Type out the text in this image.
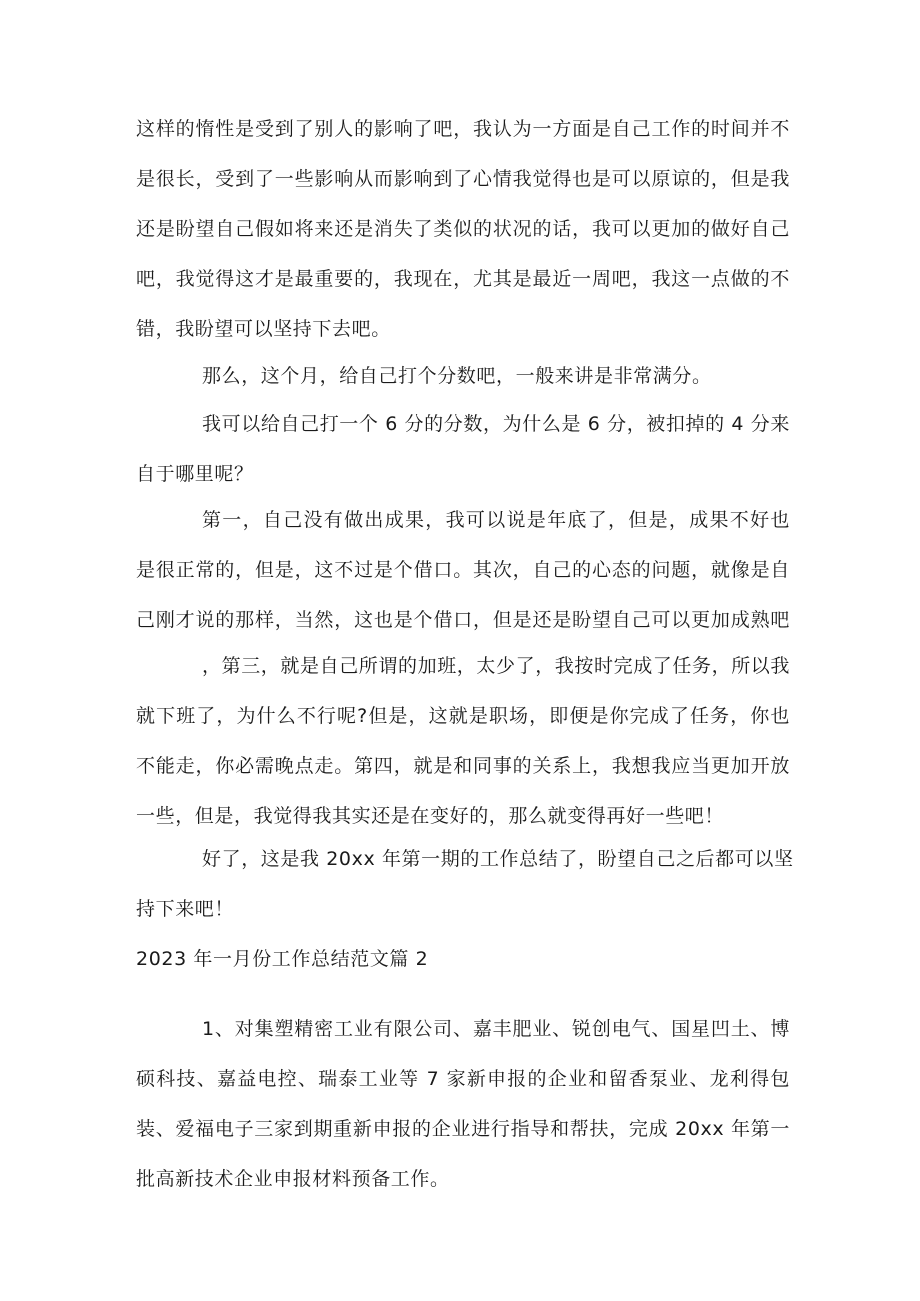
这样的惰性是受到了别人的影响了吧，我认为一方面是自己工作的时间并不
是很长，受到了一些影响从而影响到了心情我觉得也是可以原谅的，但是我
还是盼望自己假如将来还是消失了类似的状况的话，我可以更加的做好自己
吧，我觉得这才是最重要的，我现在，尤其是最近一周吧，我这一点做的不
错，我盼望可以坚持下去吧。
那么，这个月，给自己打个分数吧，一般来讲是非常满分。
我可以给自己打一个 6 分的分数，为什么是 6 分，被扣掉的 4 分来
自于哪里呢？
第一，自己没有做出成果，我可以说是年底了，但是，成果不好也
是很正常的，但是，这不过是个借口。其次，自己的心态的问题，就像是自
己刚才说的那样，当然，这也是个借口，但是还是盼望自己可以更加成熟吧
，第三，就是自己所谓的加班，太少了，我按时完成了任务，所以我
就下班了，为什么不行呢?但是，这就是职场，即便是你完成了任务，你也
不能走，你必需晚点走。第四，就是和同事的关系上，我想我应当更加开放
一些，但是，我觉得我其实还是在变好的，那么就变得再好一些吧！
好了，这是我 20xx 年第一期的工作总结了，盼望自己之后都可以坚
持下来吧！
2023 年一月份工作总结范文篇 2
1、对集塑精密工业有限公司、嘉丰肥业、锐创电气、国星凹土、博
硕科技、嘉益电控、瑞泰工业等 7 家新申报的企业和留香泵业、龙利得包
装、爱福电子三家到期重新申报的企业进行指导和帮扶，完成 20xx 年第一
批高新技术企业申报材料预备工作。
